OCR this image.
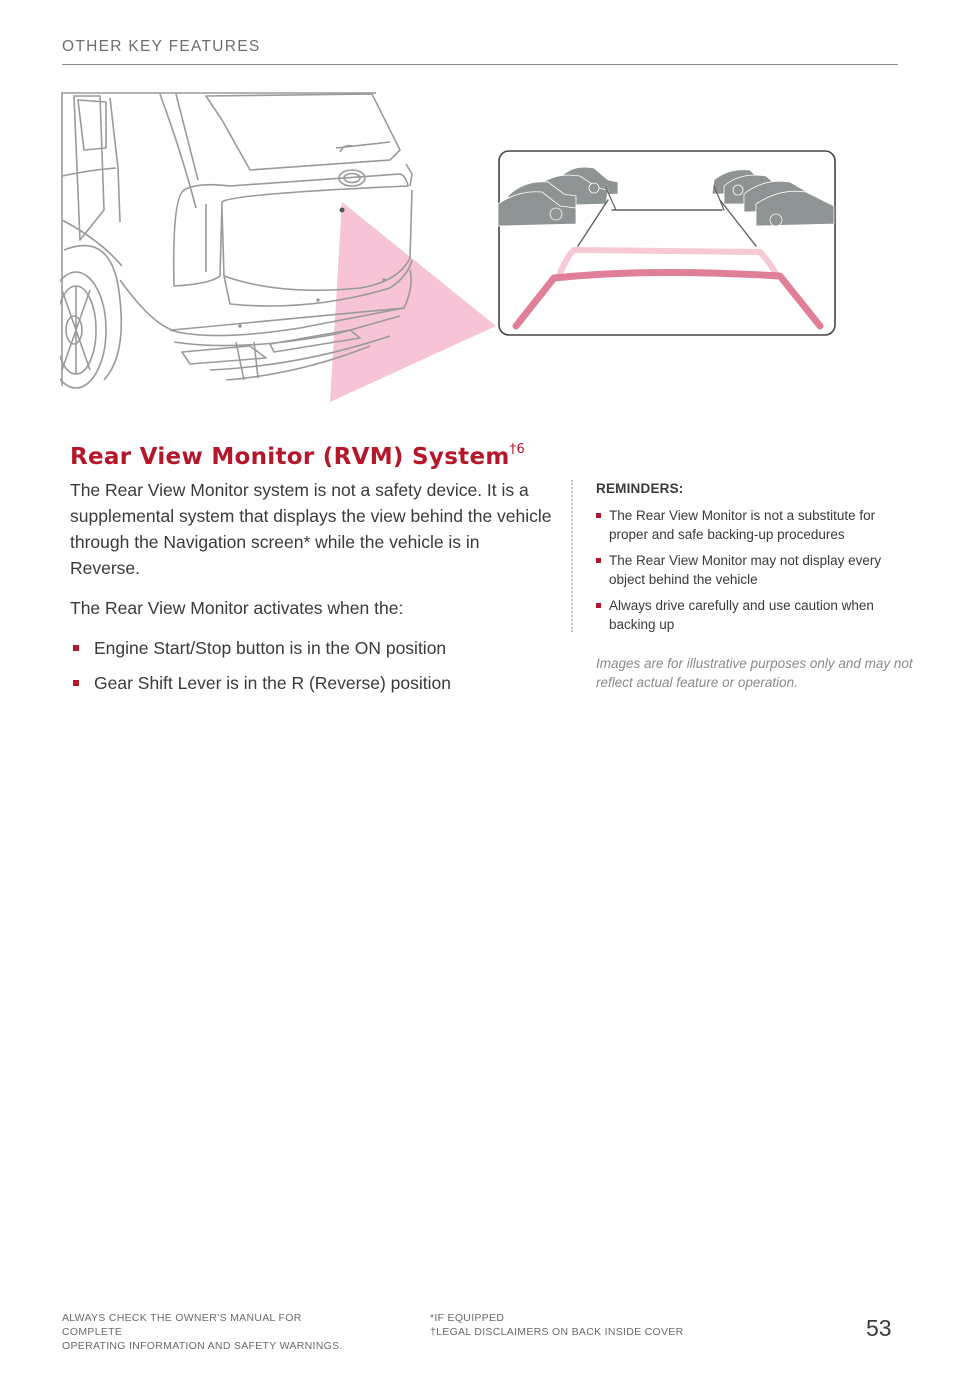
OTHER KEY FEATURES
Rear View Monitor (RVM) System$^{\dagger 6}$

The Rear View Monitor system is not a safety device. It is a supplemental system that displays the view behind the vehicle through the Navigation screen* while the vehicle is in Reverse.

The Rear View Monitor activates when the:

Engine Start/Stop button is in the ON position
Gear Shift Lever is in the R (Reverse) position
REMINDERS:
The Rear View Monitor is not a substitute for proper and safe backing-up procedures
The Rear View Monitor may not display every object behind the vehicle
Always drive carefully and use caution when backing up
Images are for illustrative purposes only and may not reflect actual feature or operation.
ALWAYS CHECK THE OWNER’S MANUAL FOR COMPLETE
OPERATING INFORMATION AND SAFETY WARNINGS.
*IF EQUIPPED
†LEGAL DISCLAIMERS ON BACK INSIDE COVER	53
